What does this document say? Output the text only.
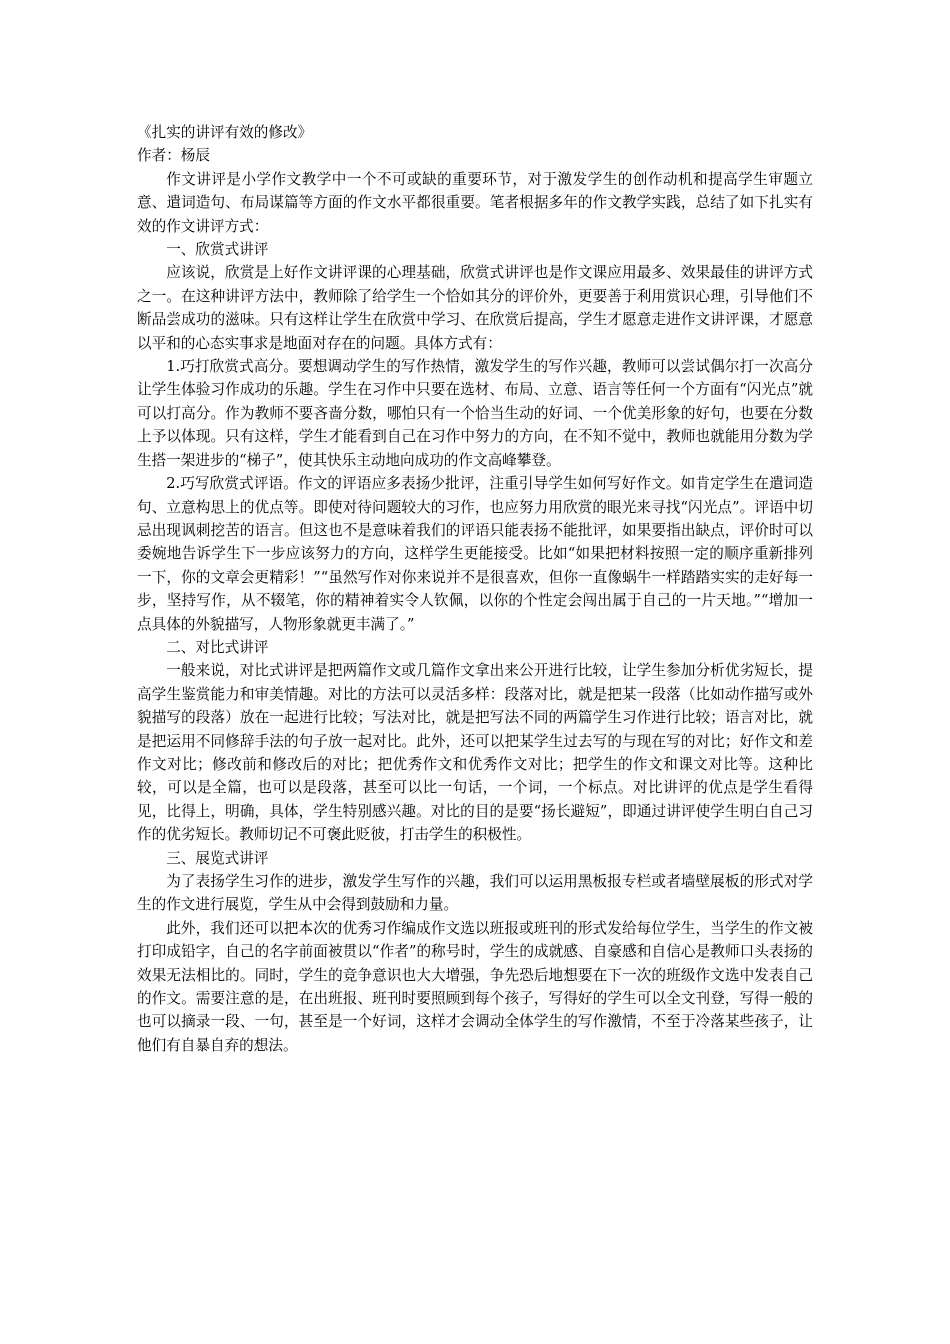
《扎实的讲评有效的修改》
作者：杨辰

作文讲评是小学作文教学中一个不可或缺的重要环节，对于激发学生的创作动机和提高学生审题立意、遣词造句、布局谋篇等方面的作文水平都很重要。笔者根据多年的作文教学实践，总结了如下扎实有效的作文讲评方式：

一、欣赏式讲评

应该说，欣赏是上好作文讲评课的心理基础，欣赏式讲评也是作文课应用最多、效果最佳的讲评方式之一。在这种讲评方法中，教师除了给学生一个恰如其分的评价外，更要善于利用赏识心理，引导他们不断品尝成功的滋味。只有这样让学生在欣赏中学习、在欣赏后提高，学生才愿意走进作文讲评课，才愿意以平和的心态实事求是地面对存在的问题。具体方式有：

1.巧打欣赏式高分。要想调动学生的写作热情，激发学生的写作兴趣，教师可以尝试偶尔打一次高分让学生体验习作成功的乐趣。学生在习作中只要在选材、布局、立意、语言等任何一个方面有“闪光点”就可以打高分。作为教师不要吝啬分数，哪怕只有一个恰当生动的好词、一个优美形象的好句，也要在分数上予以体现。只有这样，学生才能看到自己在习作中努力的方向，在不知不觉中，教师也就能用分数为学生搭一架进步的“梯子”，使其快乐主动地向成功的作文高峰攀登。

2.巧写欣赏式评语。作文的评语应多表扬少批评，注重引导学生如何写好作文。如肯定学生在遣词造句、立意构思上的优点等。即使对待问题较大的习作，也应努力用欣赏的眼光来寻找“闪光点”。评语中切忌出现讽刺挖苦的语言。但这也不是意味着我们的评语只能表扬不能批评，如果要指出缺点，评价时可以委婉地告诉学生下一步应该努力的方向，这样学生更能接受。比如“如果把材料按照一定的顺序重新排列一下，你的文章会更精彩！”“虽然写作对你来说并不是很喜欢，但你一直像蜗牛一样踏踏实实的走好每一步，坚持写作，从不辍笔，你的精神着实令人钦佩，以你的个性定会闯出属于自己的一片天地。”“增加一点具体的外貌描写，人物形象就更丰满了。”

二、对比式讲评

一般来说，对比式讲评是把两篇作文或几篇作文拿出来公开进行比较，让学生参加分析优劣短长，提高学生鉴赏能力和审美情趣。对比的方法可以灵活多样：段落对比，就是把某一段落（比如动作描写或外貌描写的段落）放在一起进行比较；写法对比，就是把写法不同的两篇学生习作进行比较；语言对比，就是把运用不同修辞手法的句子放一起对比。此外，还可以把某学生过去写的与现在写的对比；好作文和差作文对比；修改前和修改后的对比；把优秀作文和优秀作文对比；把学生的作文和课文对比等。这种比较，可以是全篇，也可以是段落，甚至可以比一句话，一个词，一个标点。对比讲评的优点是学生看得见，比得上，明确，具体，学生特别感兴趣。对比的目的是要“扬长避短”，即通过讲评使学生明白自己习作的优劣短长。教师切记不可褒此贬彼，打击学生的积极性。

三、展览式讲评

为了表扬学生习作的进步，激发学生写作的兴趣，我们可以运用黑板报专栏或者墙壁展板的形式对学生的作文进行展览，学生从中会得到鼓励和力量。

此外，我们还可以把本次的优秀习作编成作文选以班报或班刊的形式发给每位学生，当学生的作文被打印成铅字，自己的名字前面被贯以“作者”的称号时，学生的成就感、自豪感和自信心是教师口头表扬的效果无法相比的。同时，学生的竞争意识也大大增强，争先恐后地想要在下一次的班级作文选中发表自己的作文。需要注意的是，在出班报、班刊时要照顾到每个孩子，写得好的学生可以全文刊登，写得一般的也可以摘录一段、一句，甚至是一个好词，这样才会调动全体学生的写作激情，不至于冷落某些孩子，让他们有自暴自弃的想法。
